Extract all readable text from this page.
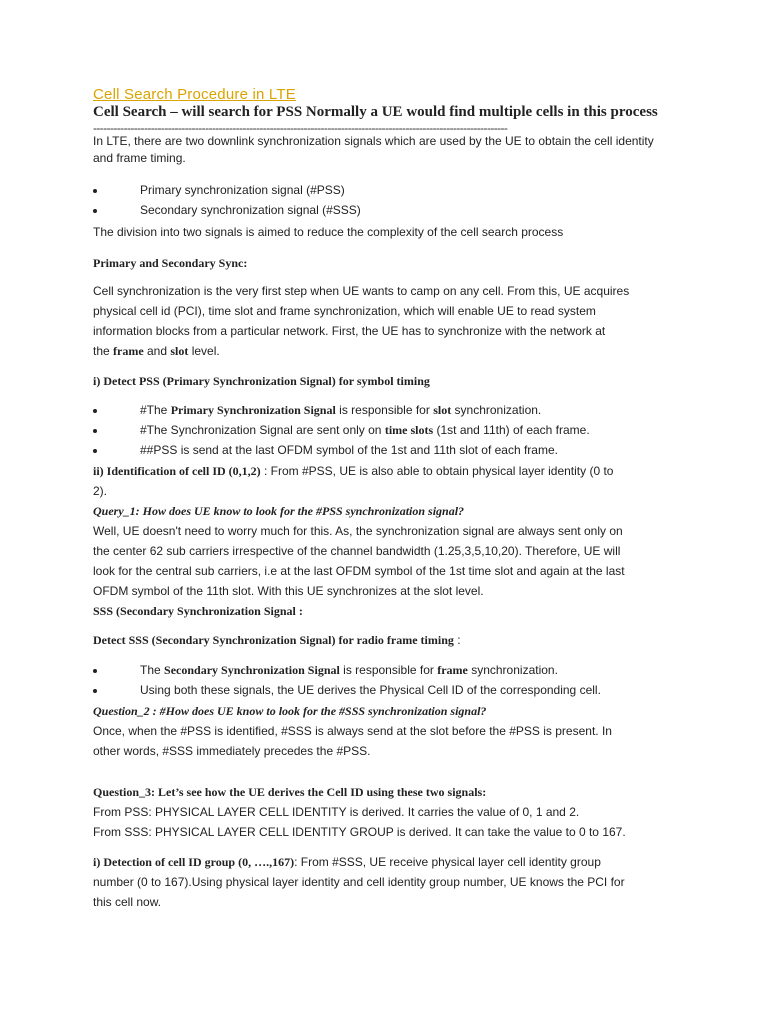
Cell Search Procedure in LTE
Cell Search – will search for PSS Normally a UE would find multiple cells in this process
--------------------------------------------------------------------------------------------------------------------------
In LTE, there are two downlink synchronization signals which are used by the UE to obtain the cell identity and frame timing.
Primary synchronization signal (#PSS)
Secondary synchronization signal (#SSS)
The division into two signals is aimed to reduce the complexity of the cell search process
Primary and Secondary Sync:
Cell synchronization is the very first step when UE wants to camp on any cell. From this, UE acquires
physical cell id (PCI), time slot and frame synchronization, which will enable UE to read system
information blocks from a particular network. First, the UE has to synchronize with the network at
the frame and slot level.
i) Detect PSS (Primary Synchronization Signal) for symbol timing
#The Primary Synchronization Signal is responsible for slot synchronization.
#The Synchronization Signal are sent only on time slots (1st and 11th) of each frame.
##PSS is send at the last OFDM symbol of the 1st and 11th slot of each frame.
ii) Identification of cell ID (0,1,2) : From #PSS, UE is also able to obtain physical layer identity (0 to
2).
Query_1: How does UE know to look for the #PSS synchronization signal?
Well, UE doesn't need to worry much for this. As, the synchronization signal are always sent only on
the center 62 sub carriers irrespective of the channel bandwidth (1.25,3,5,10,20). Therefore, UE will
look for the central sub carriers, i.e at the last OFDM symbol of the 1st time slot and again at the last
OFDM symbol of the 11th slot. With this UE synchronizes at the slot level.
SSS (Secondary Synchronization Signal :
Detect SSS (Secondary Synchronization Signal) for radio frame timing :
The Secondary Synchronization Signal is responsible for frame synchronization.
Using both these signals, the UE derives the Physical Cell ID of the corresponding cell.
Question_2 : #How does UE know to look for the #SSS synchronization signal?
Once, when the #PSS is identified, #SSS is always send at the slot before the #PSS is present. In
other words, #SSS immediately precedes the #PSS.
Question_3: Let’s see how the UE derives the Cell ID using these two signals:
From PSS: PHYSICAL LAYER CELL IDENTITY is derived. It carries the value of 0, 1 and 2.
From SSS: PHYSICAL LAYER CELL IDENTITY GROUP is derived. It can take the value to 0 to 167.
i) Detection of cell ID group (0, ….,167): From #SSS, UE receive physical layer cell identity group
number (0 to 167).Using physical layer identity and cell identity group number, UE knows the PCI for
this cell now.
